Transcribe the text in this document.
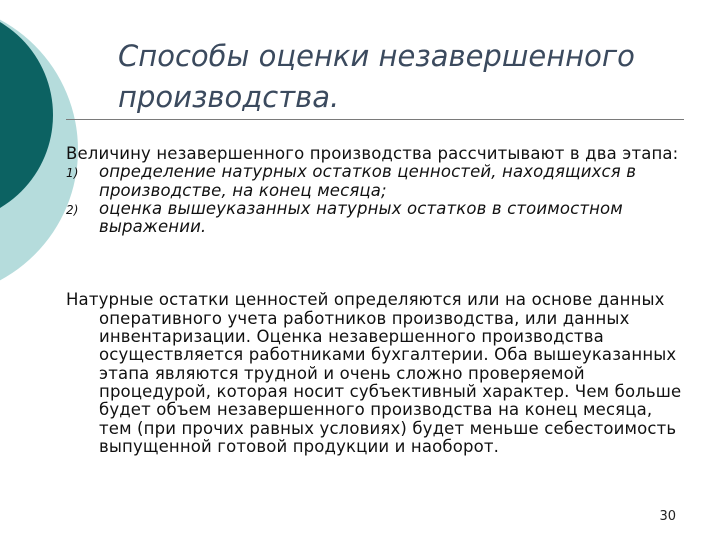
Способы оценки незавершенного производства.

Величину незавершенного производства рассчитывают в два этапа:

1) определение натурных остатков ценностей, находящихся в производстве, на конец месяца;
2) оценка вышеуказанных натурных остатков в стоимостном выражении.

Натурные остатки ценностей определяются или на основе данных оперативного учета работников производства, или данных инвентаризации. Оценка незавершенного производства осуществляется работниками бухгалтерии. Оба вышеуказанных этапа являются трудной и очень сложно проверяемой процедурой, которая носит субъективный характер. Чем больше будет объем незавершенного производства на конец месяца, тем (при прочих равных условиях) будет меньше себестоимость выпущенной готовой продукции и наоборот.

30
